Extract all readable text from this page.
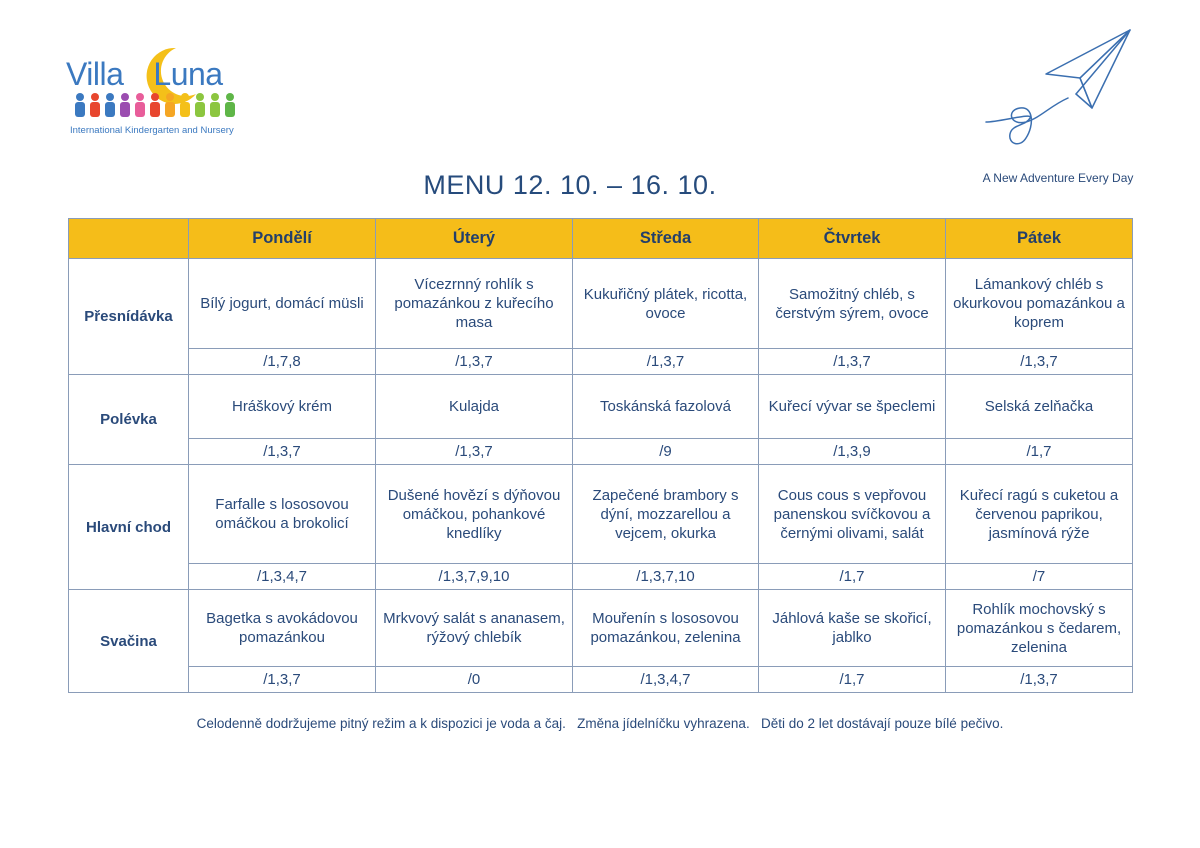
Villa Luna
International Kindergarten and Nursery
A New Adventure Every Day
MENU 12. 10. – 16. 10.
	Pondělí	Úterý	Středa	Čtvrtek	Pátek
Přesnídávka	Bílý jogurt, domácí müsli	Vícezrnný rohlík s pomazánkou z kuřecího masa	Kukuřičný plátek, ricotta, ovoce	Samožitný chléb, s čerstvým sýrem, ovoce	Lámankový chléb s okurkovou pomazánkou a koprem
	/1,7,8	/1,3,7	/1,3,7	/1,3,7	/1,3,7
Polévka	Hráškový krém	Kulajda	Toskánská fazolová	Kuřecí vývar se špeclemi	Selská zelňačka
	/1,3,7	/1,3,7	/9	/1,3,9	/1,7
Hlavní chod	Farfalle s lososovou omáčkou a brokolicí	Dušené hovězí s dýňovou omáčkou, pohankové knedlíky	Zapečené brambory s dýní, mozzarellou a vejcem, okurka	Cous cous s vepřovou panenskou svíčkovou a černými olivami, salát	Kuřecí ragú s cuketou a červenou paprikou, jasmínová rýže
	/1,3,4,7	/1,3,7,9,10	/1,3,7,10	/1,7	/7
Svačina	Bagetka s avokádovou pomazánkou	Mrkvový salát s ananasem, rýžový chlebík	Mouřenín s lososovou pomazánkou, zelenina	Jáhlová kaše se skořicí, jablko	Rohlík mochovský s pomazánkou s čedarem, zelenina
	/1,3,7	/0	/1,3,4,7	/1,7	/1,3,7
Celodenně dodržujeme pitný režim a k dispozici je voda a čaj.   Změna jídelníčku vyhrazena.   Děti do 2 let dostávají pouze bílé pečivo.
